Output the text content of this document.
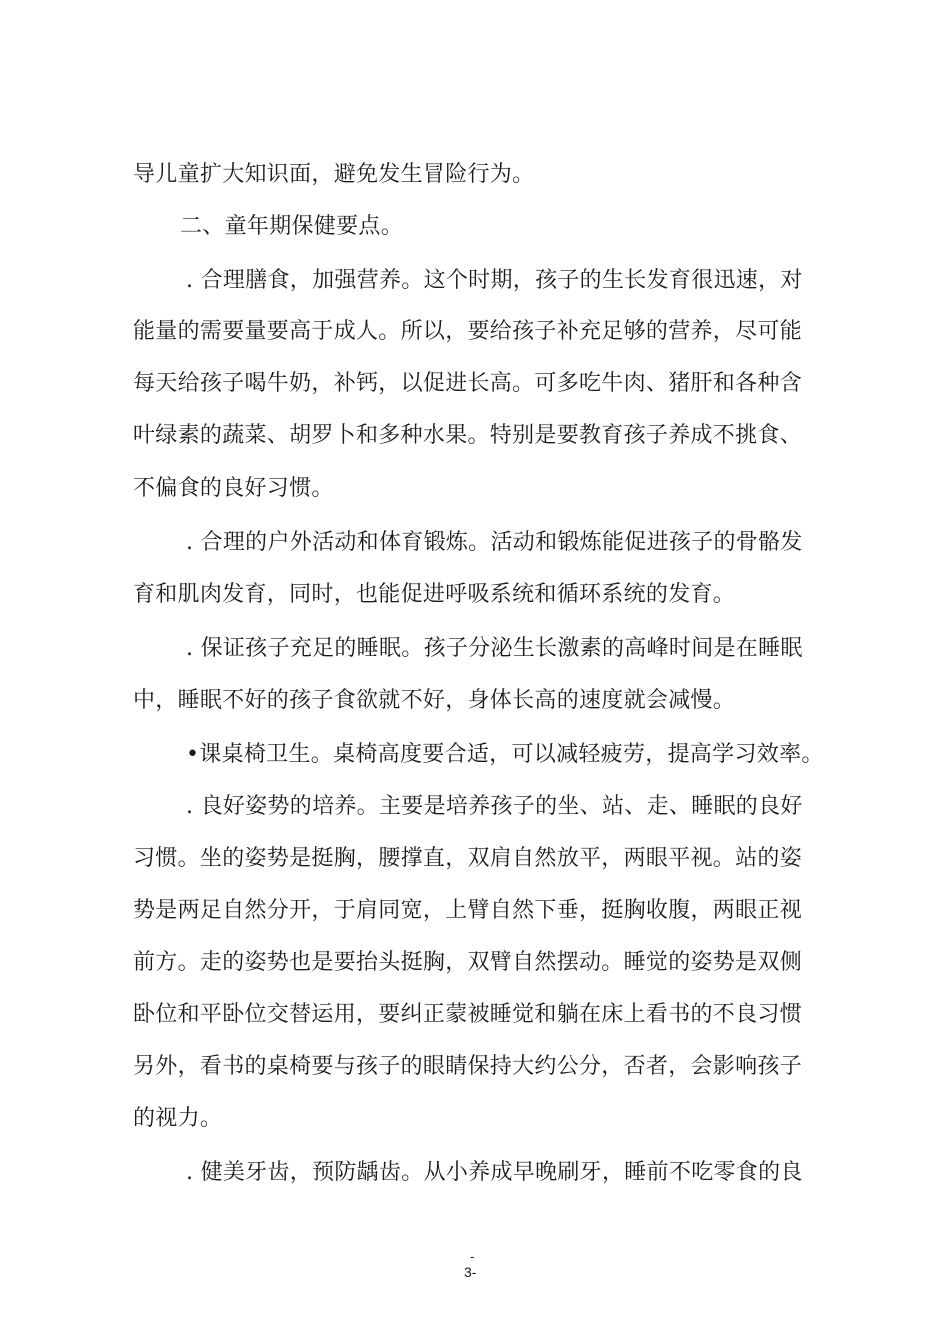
导儿童扩大知识面，避免发生冒险行为。
二、童年期保健要点。
. 合理膳食，加强营养。这个时期，孩子的生长发育很迅速，对
能量的需要量要高于成人。所以，要给孩子补充足够的营养，尽可能
每天给孩子喝牛奶，补钙，以促进长高。可多吃牛肉、猪肝和各种含
叶绿素的蔬菜、胡罗卜和多种水果。特别是要教育孩子养成不挑食、
不偏食的良好习惯。
. 合理的户外活动和体育锻炼。活动和锻炼能促进孩子的骨骼发
育和肌肉发育，同时，也能促进呼吸系统和循环系统的发育。
. 保证孩子充足的睡眠。孩子分泌生长激素的高峰时间是在睡眠
中，睡眠不好的孩子食欲就不好，身体长高的速度就会减慢。
•课桌椅卫生。桌椅高度要合适，可以减轻疲劳，提高学习效率。
. 良好姿势的培养。主要是培养孩子的坐、站、走、睡眠的良好
习惯。坐的姿势是挺胸，腰撑直，双肩自然放平，两眼平视。站的姿
势是两足自然分开，于肩同宽，上臂自然下垂，挺胸收腹，两眼正视
前方。走的姿势也是要抬头挺胸，双臂自然摆动。睡觉的姿势是双侧
卧位和平卧位交替运用，要纠正蒙被睡觉和躺在床上看书的不良习惯
另外，看书的桌椅要与孩子的眼睛保持大约公分，否者，会影响孩子
的视力。
. 健美牙齿，预防龋齿。从小养成早晚刷牙，睡前不吃零食的良
-
3-
